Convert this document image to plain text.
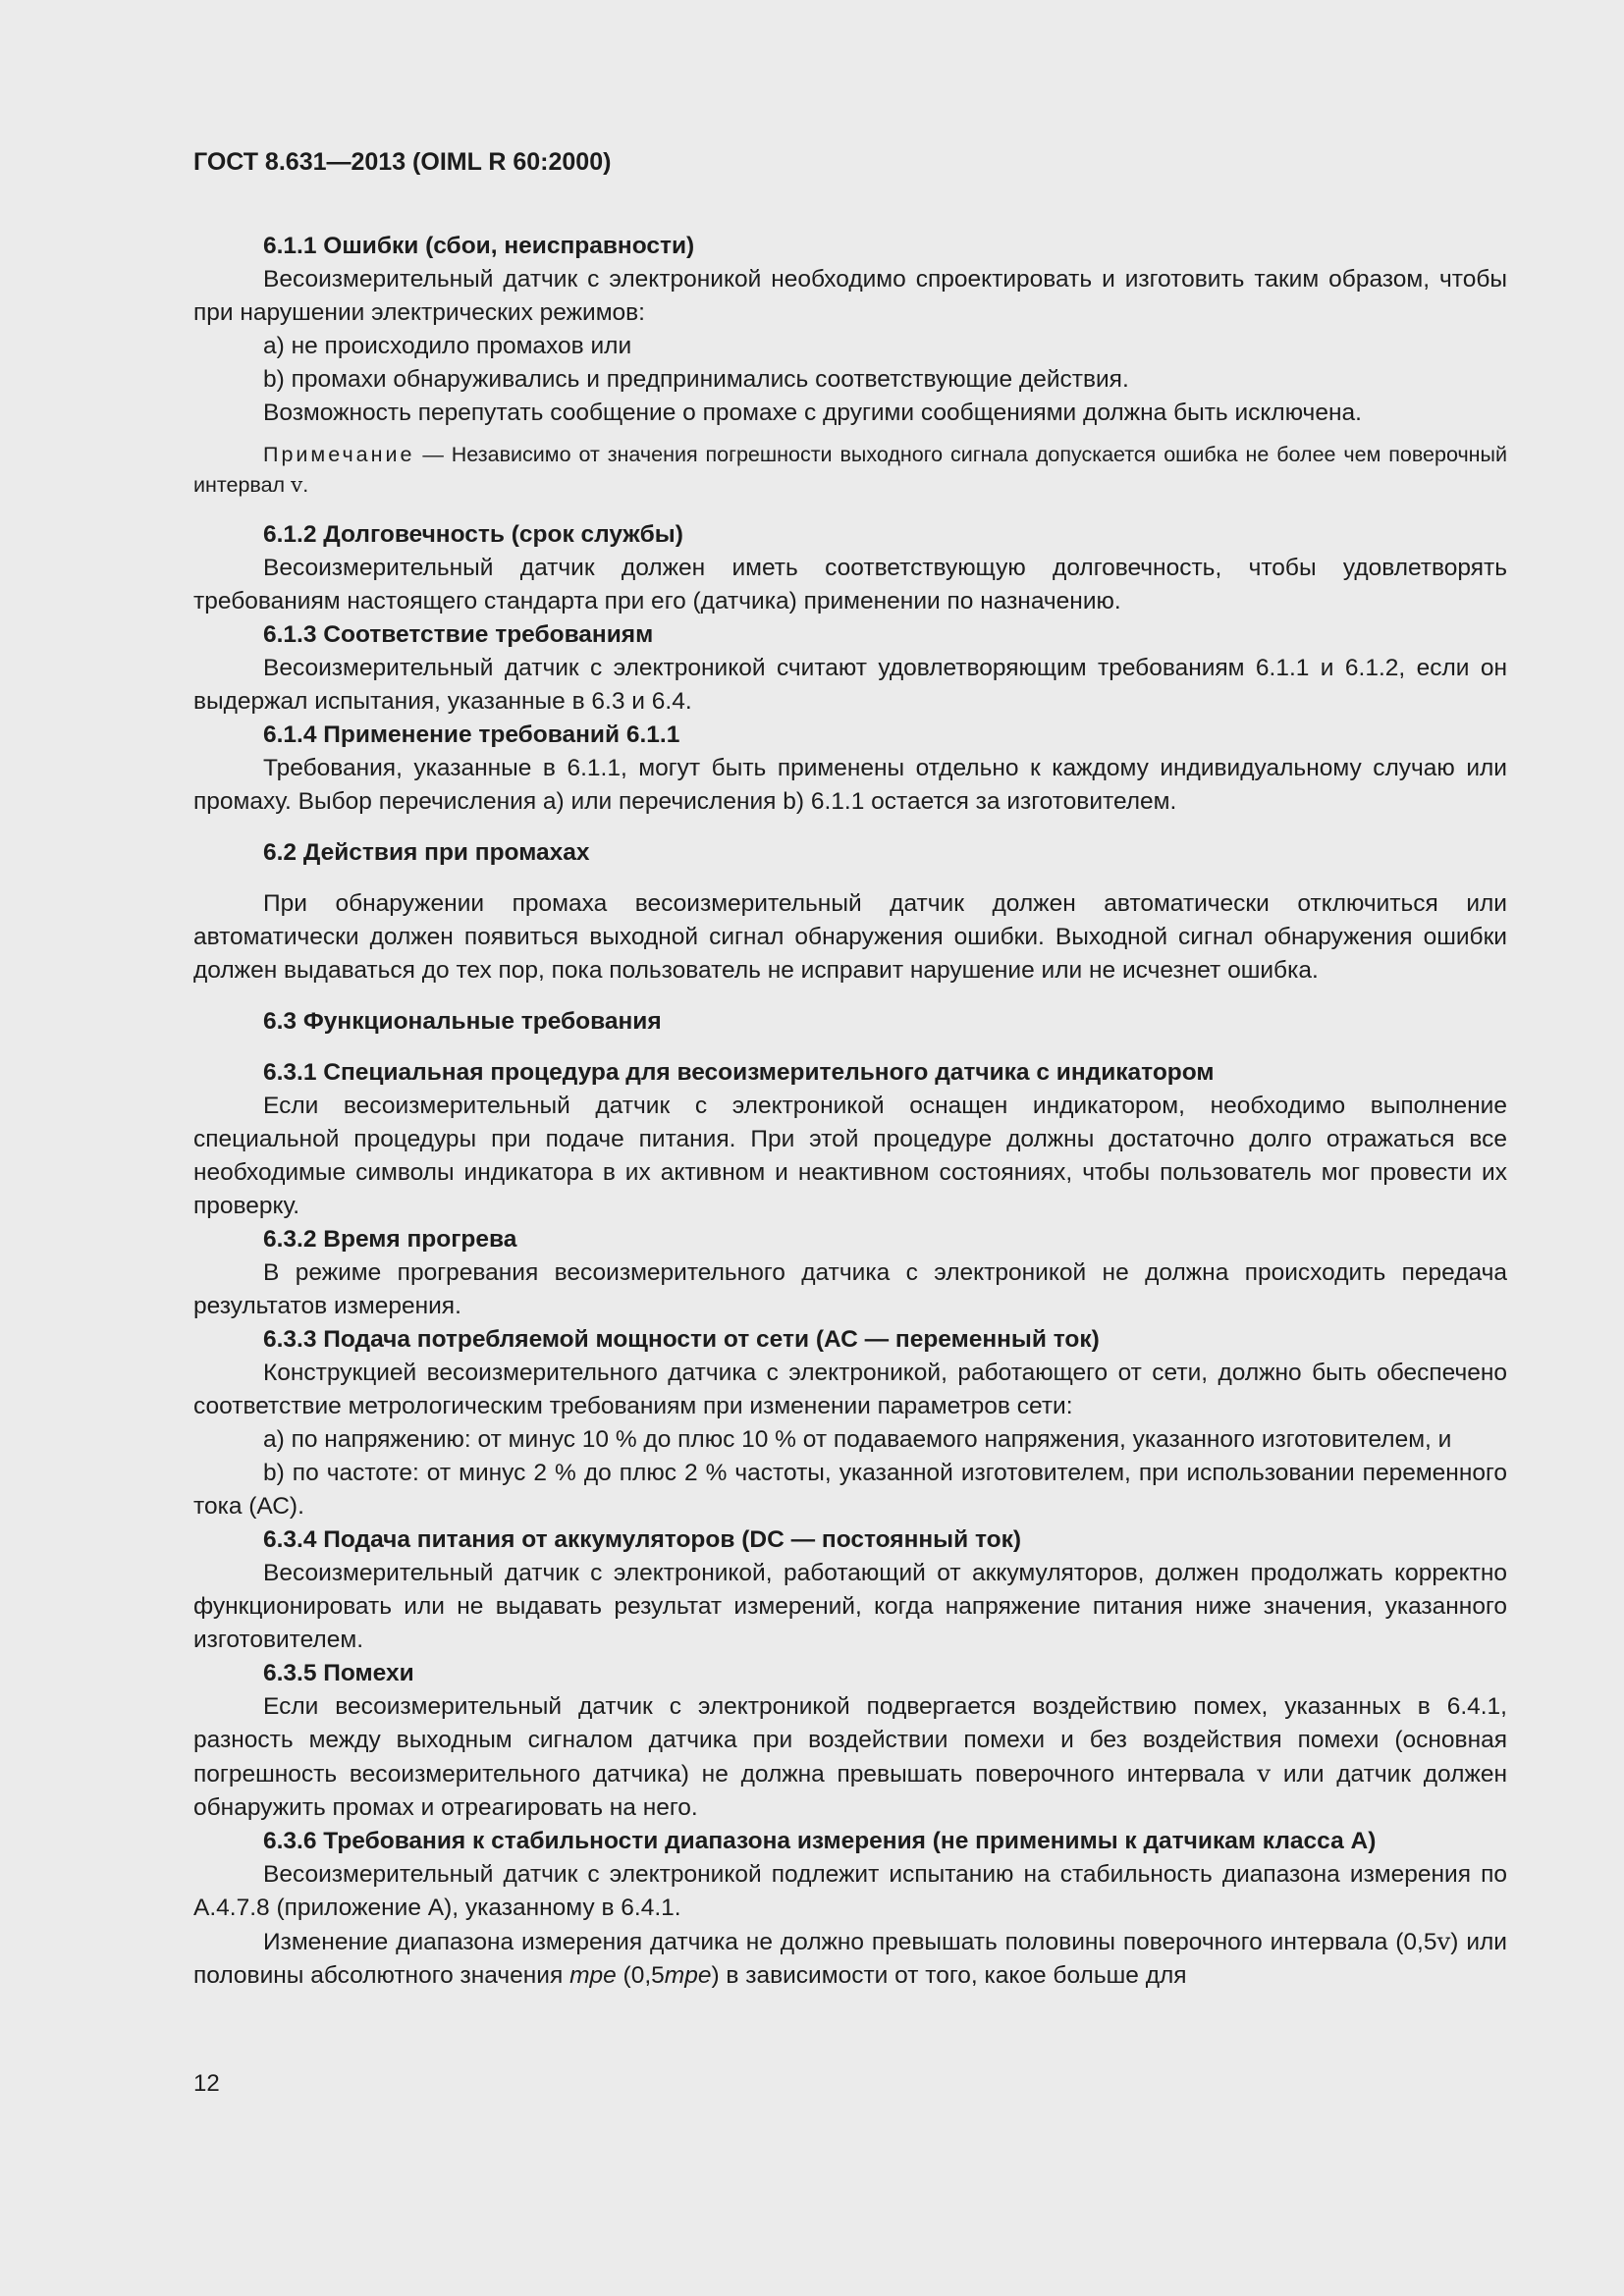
ГОСТ 8.631—2013 (OIML R 60:2000)
6.1.1 Ошибки (сбои, неисправности)

Весоизмерительный датчик с электроникой необходимо спроектировать и изготовить таким образом, чтобы при нарушении электрических режимов:

а) не происходило промахов или

b) промахи обнаруживались и предпринимались соответствующие действия.

Возможность перепутать сообщение о промахе с другими сообщениями должна быть исключена.

Примечание — Независимо от значения погрешности выходного сигнала допускается ошибка не более чем поверочный интервал v.

6.1.2 Долговечность (срок службы)

Весоизмерительный датчик должен иметь соответствующую долговечность, чтобы удовлетворять требованиям настоящего стандарта при его (датчика) применении по назначению.

6.1.3 Соответствие требованиям

Весоизмерительный датчик с электроникой считают удовлетворяющим требованиям 6.1.1 и 6.1.2, если он выдержал испытания, указанные в 6.3 и 6.4.

6.1.4 Применение требований 6.1.1

Требования, указанные в 6.1.1, могут быть применены отдельно к каждому индивидуальному случаю или промаху. Выбор перечисления а) или перечисления b) 6.1.1 остается за изготовителем.

6.2 Действия при промахах

При обнаружении промаха весоизмерительный датчик должен автоматически отключиться или автоматически должен появиться выходной сигнал обнаружения ошибки. Выходной сигнал обнаружения ошибки должен выдаваться до тех пор, пока пользователь не исправит нарушение или не исчезнет ошибка.

6.3 Функциональные требования
6.3.1 Специальная процедура для весоизмерительного датчика с индикатором

Если весоизмерительный датчик с электроникой оснащен индикатором, необходимо выполнение специальной процедуры при подаче питания. При этой процедуре должны достаточно долго отражаться все необходимые символы индикатора в их активном и неактивном состояниях, чтобы пользователь мог провести их проверку.

6.3.2 Время прогрева

В режиме прогревания весоизмерительного датчика с электроникой не должна происходить передача результатов измерения.

6.3.3 Подача потребляемой мощности от сети (АС — переменный ток)

Конструкцией весоизмерительного датчика с электроникой, работающего от сети, должно быть обеспечено соответствие метрологическим требованиям при изменении параметров сети:

а) по напряжению: от минус 10 % до плюс 10 % от подаваемого напряжения, указанного изготовителем, и

b) по частоте: от минус 2 % до плюс 2 % частоты, указанной изготовителем, при использовании переменного тока (АС).

6.3.4 Подача питания от аккумуляторов (DC — постоянный ток)

Весоизмерительный датчик с электроникой, работающий от аккумуляторов, должен продолжать корректно функционировать или не выдавать результат измерений, когда напряжение питания ниже значения, указанного изготовителем.

6.3.5 Помехи

Если весоизмерительный датчик с электроникой подвергается воздействию помех, указанных в 6.4.1, разность между выходным сигналом датчика при воздействии помехи и без воздействия помехи (основная погрешность весоизмерительного датчика) не должна превышать поверочного интервала v или датчик должен обнаружить промах и отреагировать на него.

6.3.6 Требования к стабильности диапазона измерения (не применимы к датчикам класса А)

Весоизмерительный датчик с электроникой подлежит испытанию на стабильность диапазона измерения по А.4.7.8 (приложение А), указанному в 6.4.1.

Изменение диапазона измерения датчика не должно превышать половины поверочного интервала (0,5v) или половины абсолютного значения mpe (0,5mpe) в зависимости от того, какое больше для

12
